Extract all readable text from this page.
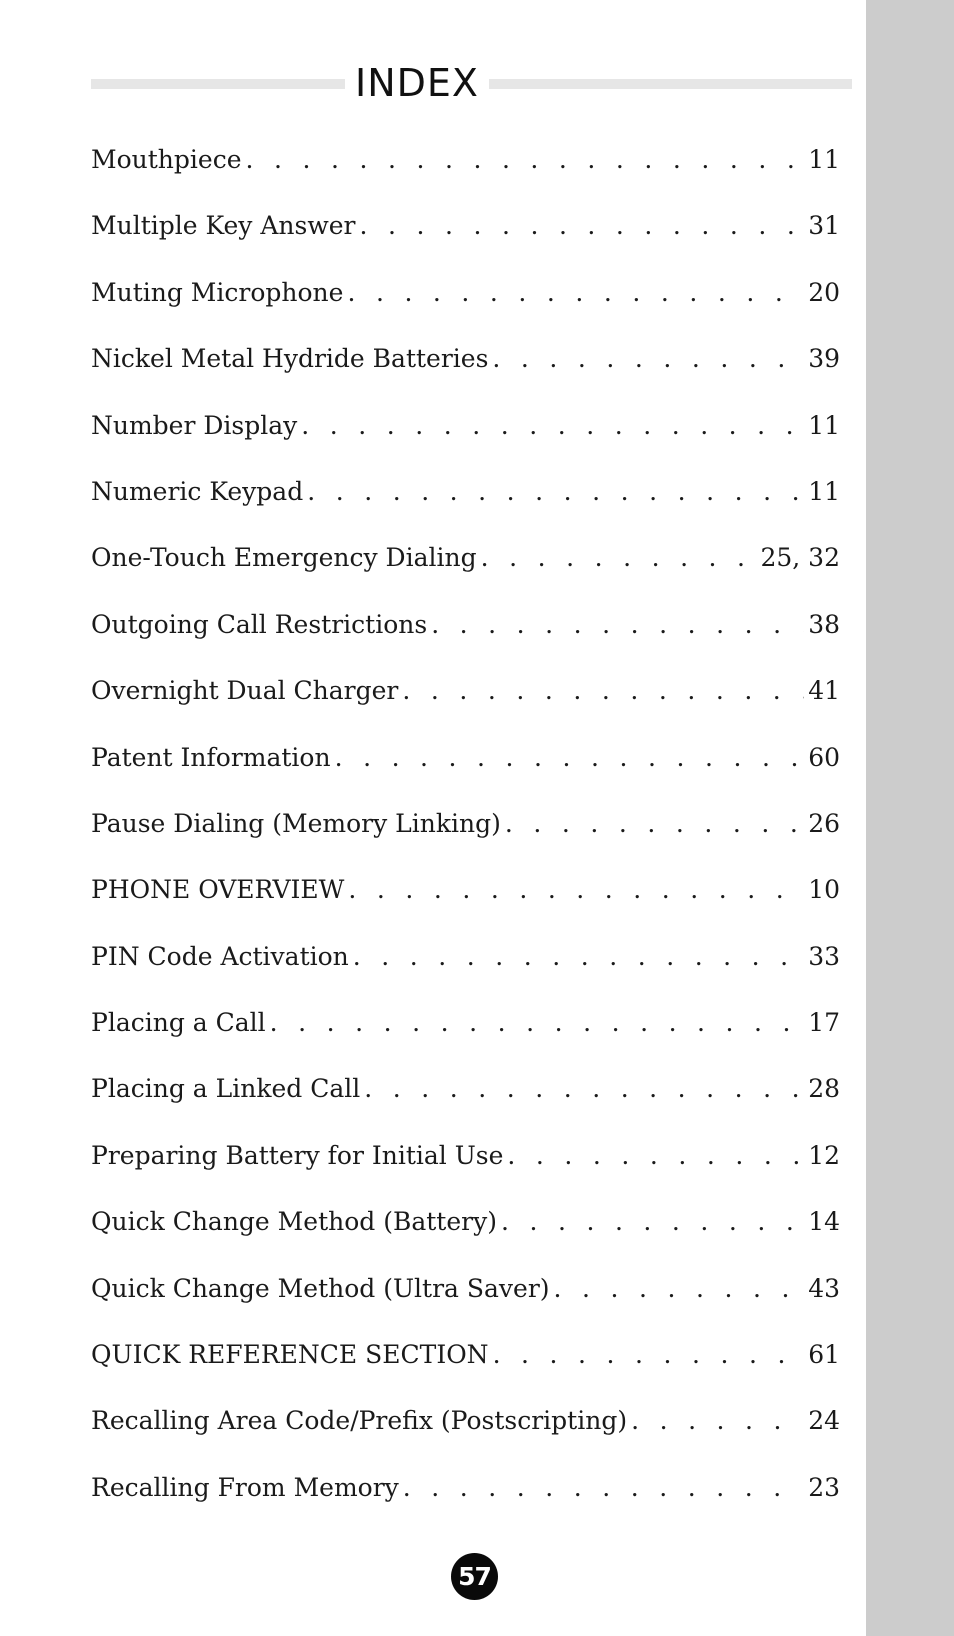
INDEX
Mouthpiece . . .	11
Multiple Key Answer . . .	31
Muting Microphone . . .	20
Nickel Metal Hydride Batteries . . .	39
Number Display . . .	11
Numeric Keypad . . .	11
One-Touch Emergency Dialing . . .	25, 32
Outgoing Call Restrictions . . .	38
Overnight Dual Charger . . .	41
Patent Information . . .	60
Pause Dialing (Memory Linking) . . .	26
PHONE OVERVIEW . . .	10
PIN Code Activation . . .	33
Placing a Call . . .	17
Placing a Linked Call . . .	28
Preparing Battery for Initial Use . . .	12
Quick Change Method (Battery) . . .	14
Quick Change Method (Ultra Saver) . . .	43
QUICK REFERENCE SECTION . . .	61
Recalling Area Code/Prefix (Postscripting) . . .	24
Recalling From Memory . . .	23
57
